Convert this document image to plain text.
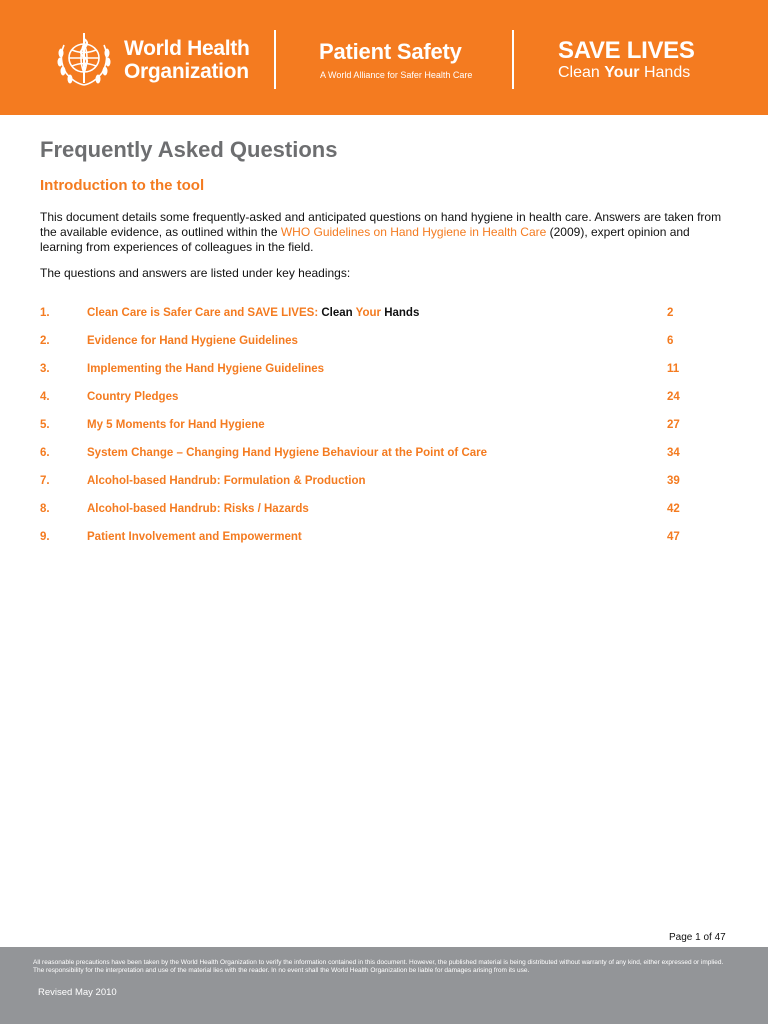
World Health
Organization
Patient Safety
A World Alliance for Safer Health Care
SAVE LIVES
Clean Your Hands
Frequently Asked Questions
Introduction to the tool

This document details some frequently-asked and anticipated questions on hand hygiene in health care. Answers are taken from the available evidence, as outlined within the WHO Guidelines on Hand Hygiene in Health Care (2009), expert opinion and learning from experiences of colleagues in the field.

The questions and answers are listed under key headings:

1.	Clean Care is Safer Care and SAVE LIVES: Clean Your Hands	2
2.	Evidence for Hand Hygiene Guidelines	6
3.	Implementing the Hand Hygiene Guidelines	11
4.	Country Pledges	24
5.	My 5 Moments for Hand Hygiene	27
6.	System Change – Changing Hand Hygiene Behaviour at the Point of Care	34
7.	Alcohol-based Handrub: Formulation & Production	39
8.	Alcohol-based Handrub: Risks / Hazards	42
9.	Patient Involvement and Empowerment	47
Page 1 of 47

All reasonable precautions have been taken by the World Health Organization to verify the information contained in this document. However, the published material is being distributed without warranty of any kind, either expressed or implied. The responsibility for the interpretation and use of the material lies with the reader. In no event shall the World Health Organization be liable for damages arising from its use.

Revised May 2010
